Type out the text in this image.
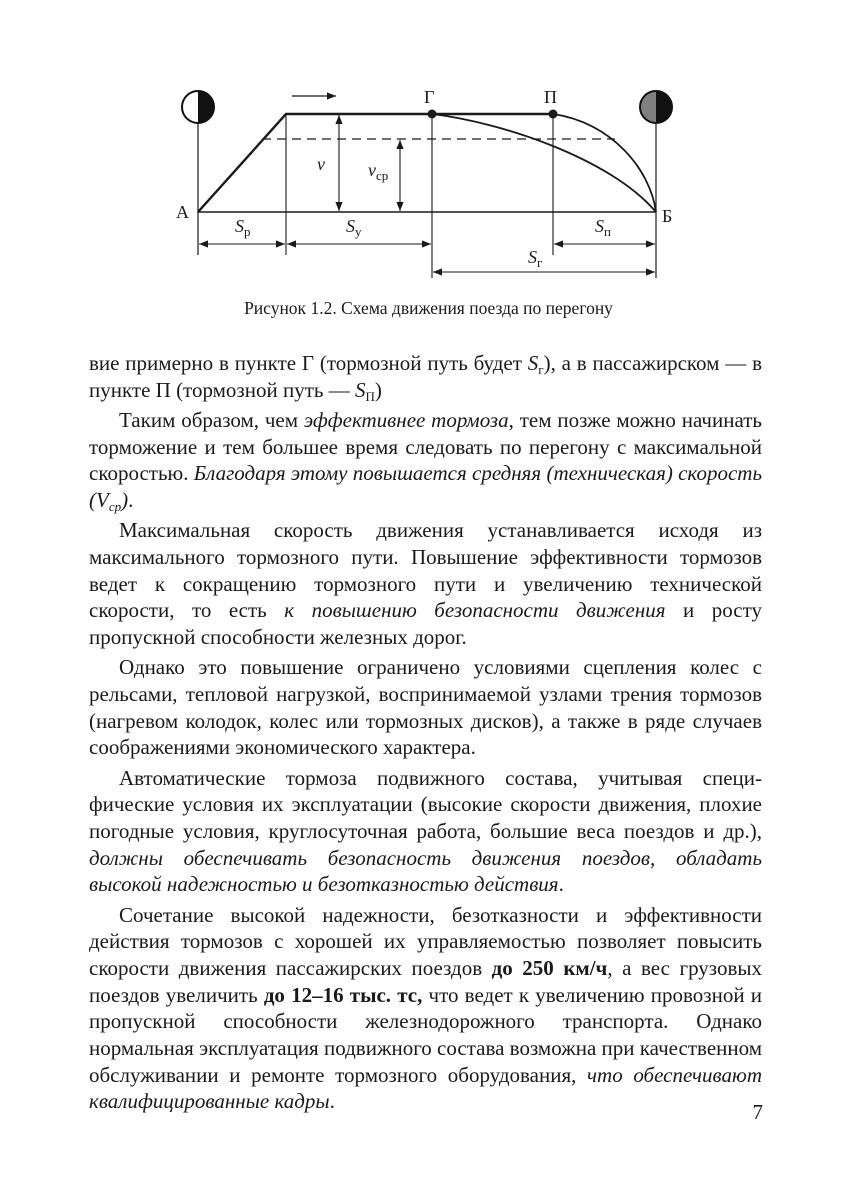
А	Б
Г	П
v $v_{ср}$
$S_р$	$S_у$	$S_п$
$S_г$
Рисунок 1.2. Схема движения поезда по перегону

вие примерно в пункте Г (тормозной путь будет $S_г$), а в пассажирском — в пункте П (тормозной путь — $S_П$)

Таким образом, чем эффективнее тормоза, тем позже можно начинать торможение и тем большее время следовать по перегону с максимальной скоростью. Благодаря этому повышается средняя (техническая) скорость $(V_{ср})$.

Максимальная скорость движения устанавливается исходя из максимального тормозного пути. Повышение эффективности тормозов ведет к сокращению тормозного пути и увеличению технической скорости, то есть к повышению безопасности движения и росту пропускной способности железных дорог.

Однако это повышение ограничено условиями сцепления колес с рельсами, тепловой нагрузкой, воспринимаемой узлами трения тормозов (нагревом колодок, колес или тормозных дисков), а также в ряде случаев соображениями экономического характера.

Автоматические тормоза подвижного состава, учитывая специфические условия их эксплуатации (высокие скорости движения, плохие погодные условия, круглосуточная работа, большие веса поездов и др.), должны обеспечивать безопасность движения поездов, обладать высокой надежностью и безотказностью действия.

Сочетание высокой надежности, безотказности и эффективности действия тормозов с хорошей их управляемостью позволяет повысить скорости движения пассажирских поездов до 250 км/ч, а вес грузовых поездов увеличить до 12–16 тыс. тс, что ведет к увеличению провозной и пропускной способности железнодорожного транспорта. Однако нормальная эксплуатация подвижного состава возможна при качественном обслуживании и ремонте тормозного оборудования, что обеспечивают квалифицированные кадры.	7
